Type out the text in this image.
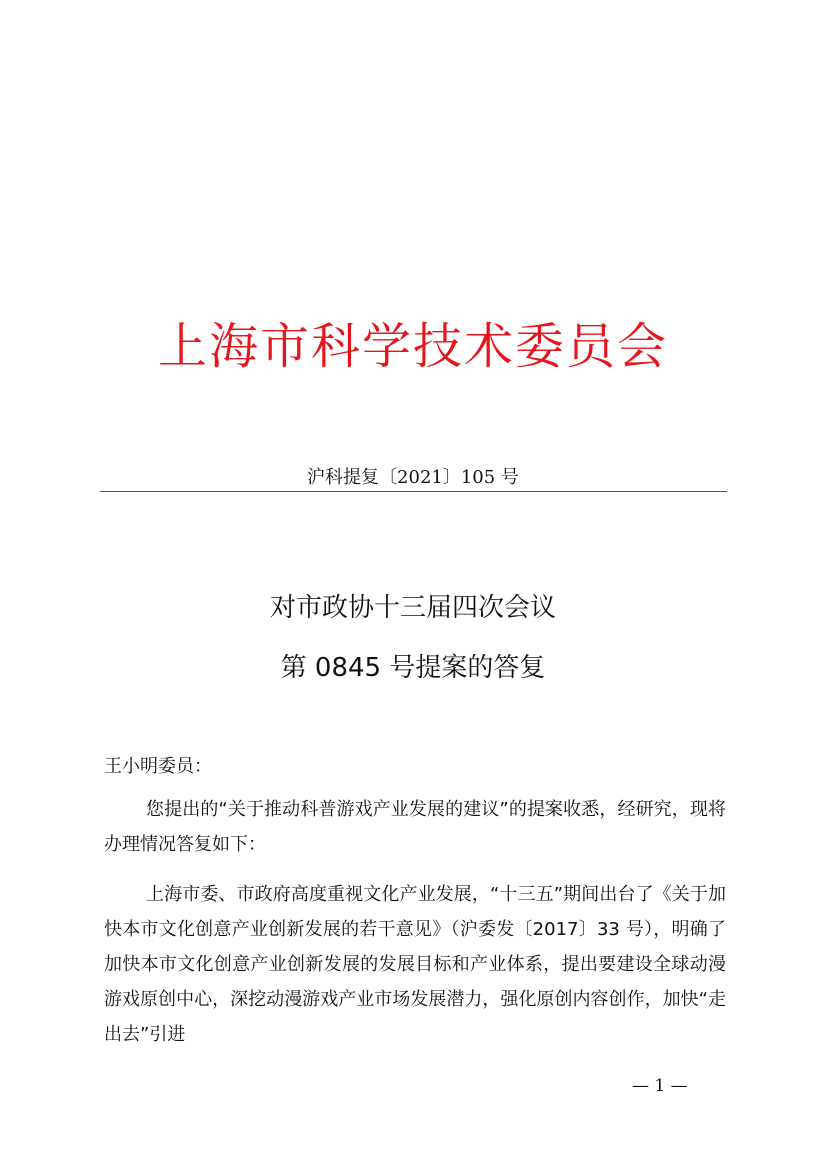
上海市科学技术委员会
沪科提复〔2021〕105 号
对市政协十三届四次会议
第 0845 号提案的答复
王小明委员：

您提出的“关于推动科普游戏产业发展的建议”的提案收悉，经研究，现将办理情况答复如下：

上海市委、市政府高度重视文化产业发展，“十三五”期间出台了《关于加快本市文化创意产业创新发展的若干意见》（沪委发〔2017〕33 号），明确了加快本市文化创意产业创新发展的发展目标和产业体系，提出要建设全球动漫游戏原创中心，深挖动漫游戏产业市场发展潜力，强化原创内容创作，加快“走出去”引进

— 1 —
